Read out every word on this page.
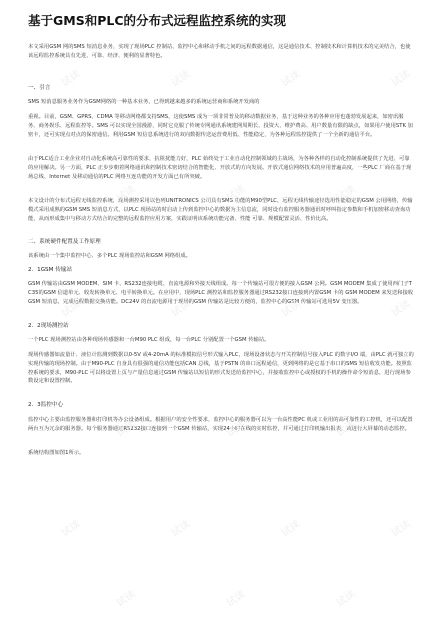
基于GMS和PLC的分布式远程监控系统的实现
本文采用GSM 网的SMS 短消息业务，实现了现场PLC 控制站、监控中心和移动手机之间的远程数据通信，这是通信技术、控制技术和计算机技术的完美结合，也使该远程监控系统具有先进、可靠、经济、便利的显著特色。
一、引言
SMS 短消息服务业务作为GSM网络的一种基本业务，已得到越来越多的系统运营商和系统开发商的
重视。目前，GSM、GPRS、CDMA 等移动网络都支持SMS，这使SMS 成为一项非常普及的移动数据业务，基于这种业务的各种应用也蓬勃发展起来，如密讯服务、商务娱乐、远程监控等。SMS 可以实现全国漫游，同时它克服了传统专网通讯系统建网周期长、投资大、维护费高、用户数量有限的缺点，如果用户使用STK 加密卡，还可实现点对点的保密通信。利用GSM 短信息系统进行的双向数据传送运营费用低、性能稳定，为各种远程监控提供了一个全新的通信平台。
由于PLC适合工业企业对自动化系统高可靠性的要求，抗阻扰能力好，PLC 始终处于工业自动化控制领域的主战场，为各种各样的自动化控制系统提供了先进、可靠的应用解决。另一方面，PLC 正步步朝着网络通讯和控制技术密切结合的智能化、开放式的方向发展。开放式通信网络技术的应用普遍高度，一些PLC 厂商在基于现场总线、Internet 及移动通信的PLC 网络互连功能的开发方面已有所突破。
本文设计的分布式远程无线监控系统，现场测控采用以色列UNITRONICS 公司具有SMS 功能的M90型PLC，远程无线传输途径选用性能稳定的GSM 公用网络，传输模式采用成熟的GSM SMS 短消息方式，以PLC 现场站的时启动上传到监控中心的数据为主信息流，同时设有监控服务器通讯时呼叫指定参数和手机加密移动查询功能，从而形成集中与移动方式结合的完整的远程监控应用方案，实践证明该系统功能完备、性能 可靠、规模配置灵活、性价比高。
二、系统硬件配置及工作原理
该系统由一个集中监控中心、多个PLC 现场监控站和GSM 网络组成。
2．1GSM 传输站
GSM 传输站由GSM MODEM、SIM 卡、RS232连接电缆、直流电源和外接天线组成。每一个传输站可很方便的接入GSM 公网。GSM MODEM 集成了使用西门子TC35的GSM 信道单元、收发转换单元、电平转换单元。在应用中，现场PLC 测控站和监控服务器通过RS232接口连接到内置GSM 卡的 GSM MODEM 来发送和接收GSM 短消息，完成远程数据交换功能。DC24V 的直流电源用于现场的GSM 传输站是比较方便的，监控中心的GSM 传输站可选用5V 变压器。
2．2现场测控站
一个PLC 现场测控站由各种现场传感器和一台M90 PLC 组成，每一台PLC 分别配置一个GSM 传输站。
现场传感器如流量计、液位计监测到数据以0-5V 或4-20mA 的标准模拟信号形式输入PLC，现场设备状态与开关控制信号接入PLC 的数字I/O 端，由PLC 就可独立的实现传输的现场控制。由于M90-PLC 自身具有很强的通信功能包括CAN 总线，基于PSTN 的串口远程通信，更到网络的是它基于串口的SMS 短信收发功能。按照监控系统的要求，M90-PLC 可以将设置上页与产量信息通过GSM 传输站以短信的形式发送给监控中心，并接收监控中心或授权的手机的操作命令短消息，进行现场参数设定和设置控制。
2．3监控中心
监控中心主要由监控服务器和打印机等办公设备组成。根据用户的安全性要求，监控中心的服务器可以为一台高性能PC 机或工业用的高可靠性的工控机，还可以配置两台互为冗余的服务器。每个服务器通过RS232接口连接到一个GSM 传输站，实现24小时在线的实时监控，并可通过打印机输出报表，或进行大屏幕的动态监控。
系统结构图如图1所示。
试读	试读	试读	试读
试读	试读	试读
试读	试读	试读	试读
试读	试读	试读
试读	试读	试读	试读
试读	试读	试读
